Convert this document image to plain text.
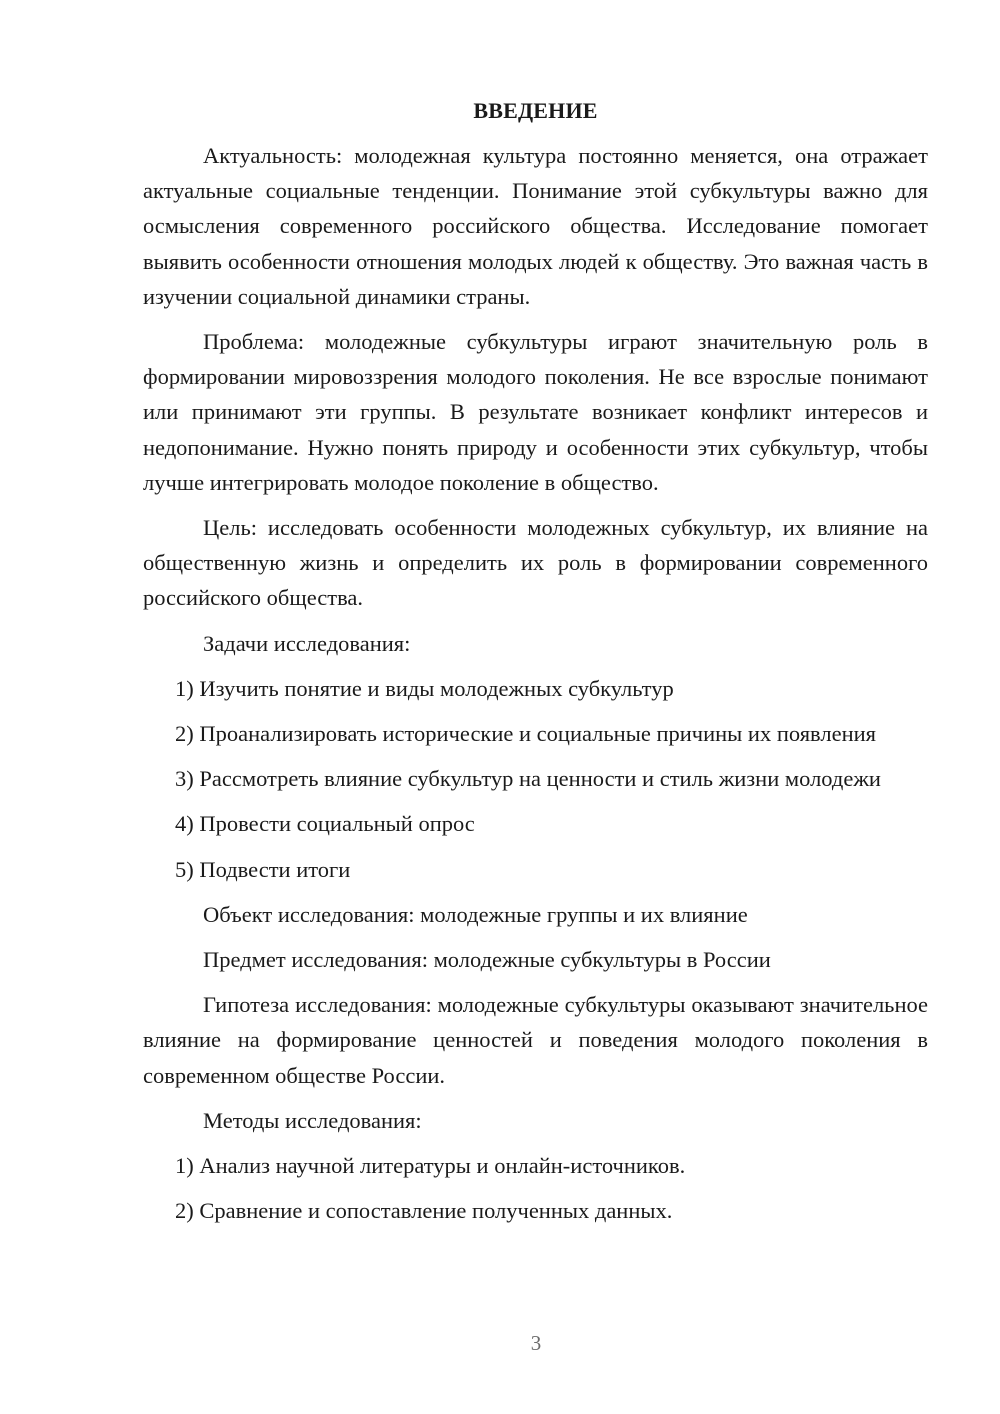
ВВЕДЕНИЕ

Актуальность: молодежная культура постоянно меняется, она отражает актуальные социальные тенденции. Понимание этой субкультуры важно для осмысления современного российского общества. Исследование помогает выявить особенности отношения молодых людей к обществу. Это важная часть в изучении социальной динамики страны.

Проблема: молодежные субкультуры играют значительную роль в формировании мировоззрения молодого поколения. Не все взрослые понимают или принимают эти группы. В результате возникает конфликт интересов и недопонимание. Нужно понять природу и особенности этих субкультур, чтобы лучше интегрировать молодое поколение в общество.

Цель: исследовать особенности молодежных субкультур, их влияние на общественную жизнь и определить их роль в формировании современного российского общества.

Задачи исследования:

1) Изучить понятие и виды молодежных субкультур

2) Проанализировать исторические и социальные причины их появления

3) Рассмотреть влияние субкультур на ценности и стиль жизни молодежи

4) Провести социальный опрос

5) Подвести итоги

Объект исследования: молодежные группы и их влияние

Предмет исследования: молодежные субкультуры в России

Гипотеза исследования: молодежные субкультуры оказывают значительное влияние на формирование ценностей и поведения молодого поколения в современном обществе России.

Методы исследования:

1) Анализ научной литературы и онлайн-источников.

2) Сравнение и сопоставление полученных данных.

3
